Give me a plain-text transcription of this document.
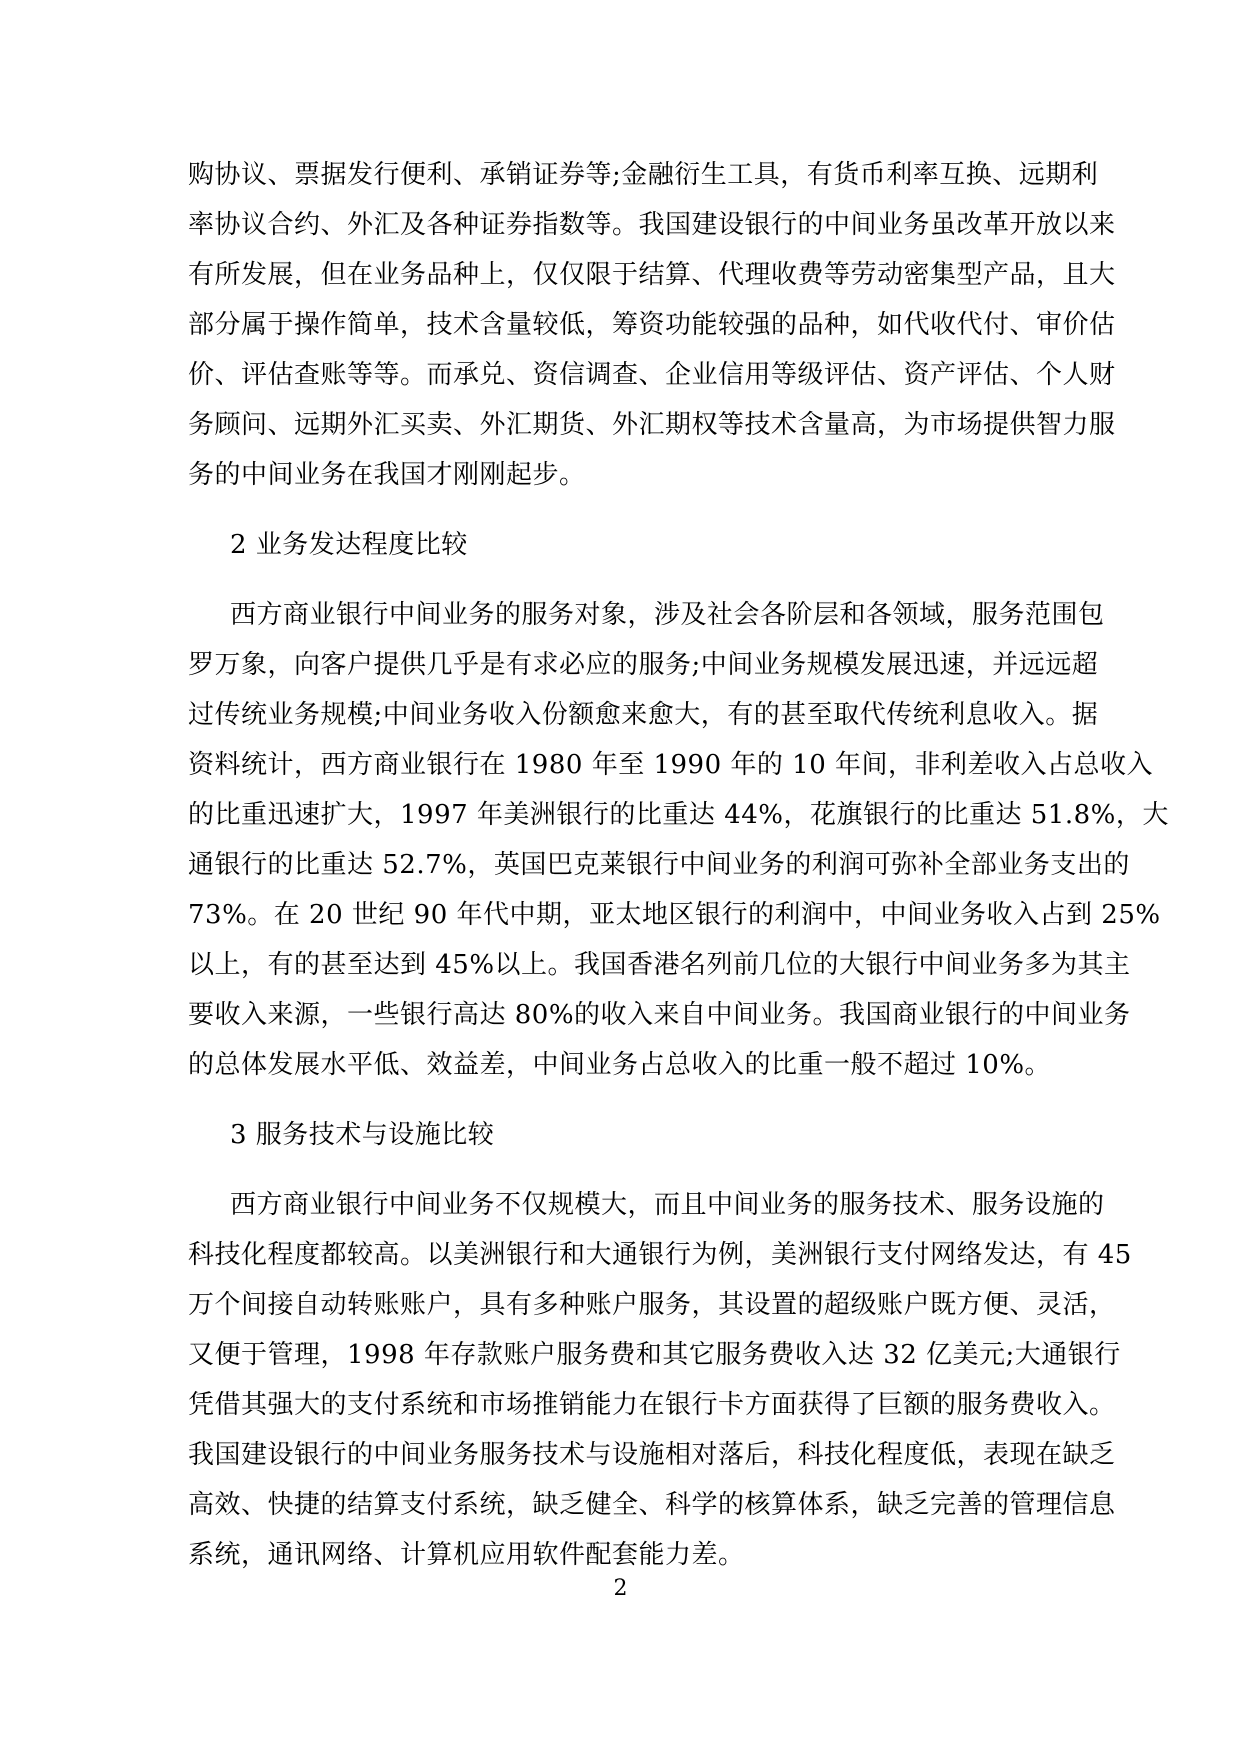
购协议、票据发行便利、承销证券等;金融衍生工具，有货币利率互换、远期利
率协议合约、外汇及各种证券指数等。我国建设银行的中间业务虽改革开放以来
有所发展，但在业务品种上，仅仅限于结算、代理收费等劳动密集型产品，且大
部分属于操作简单，技术含量较低，筹资功能较强的品种，如代收代付、审价估
价、评估查账等等。而承兑、资信调查、企业信用等级评估、资产评估、个人财
务顾问、远期外汇买卖、外汇期货、外汇期权等技术含量高，为市场提供智力服
务的中间业务在我国才刚刚起步。
2 业务发达程度比较
西方商业银行中间业务的服务对象，涉及社会各阶层和各领域，服务范围包
罗万象，向客户提供几乎是有求必应的服务;中间业务规模发展迅速，并远远超
过传统业务规模;中间业务收入份额愈来愈大，有的甚至取代传统利息收入。据
资料统计，西方商业银行在 1980 年至 1990 年的 10 年间，非利差收入占总收入
的比重迅速扩大，1997 年美洲银行的比重达 44%，花旗银行的比重达 51.8%，大
通银行的比重达 52.7%，英国巴克莱银行中间业务的利润可弥补全部业务支出的
73%。在 20 世纪 90 年代中期，亚太地区银行的利润中，中间业务收入占到 25%
以上，有的甚至达到 45%以上。我国香港名列前几位的大银行中间业务多为其主
要收入来源，一些银行高达 80%的收入来自中间业务。我国商业银行的中间业务
的总体发展水平低、效益差，中间业务占总收入的比重一般不超过 10%。
3 服务技术与设施比较
西方商业银行中间业务不仅规模大，而且中间业务的服务技术、服务设施的
科技化程度都较高。以美洲银行和大通银行为例，美洲银行支付网络发达，有 45
万个间接自动转账账户，具有多种账户服务，其设置的超级账户既方便、灵活，
又便于管理，1998 年存款账户服务费和其它服务费收入达 32 亿美元;大通银行
凭借其强大的支付系统和市场推销能力在银行卡方面获得了巨额的服务费收入。
我国建设银行的中间业务服务技术与设施相对落后，科技化程度低，表现在缺乏
高效、快捷的结算支付系统，缺乏健全、科学的核算体系，缺乏完善的管理信息
系统，通讯网络、计算机应用软件配套能力差。
2
